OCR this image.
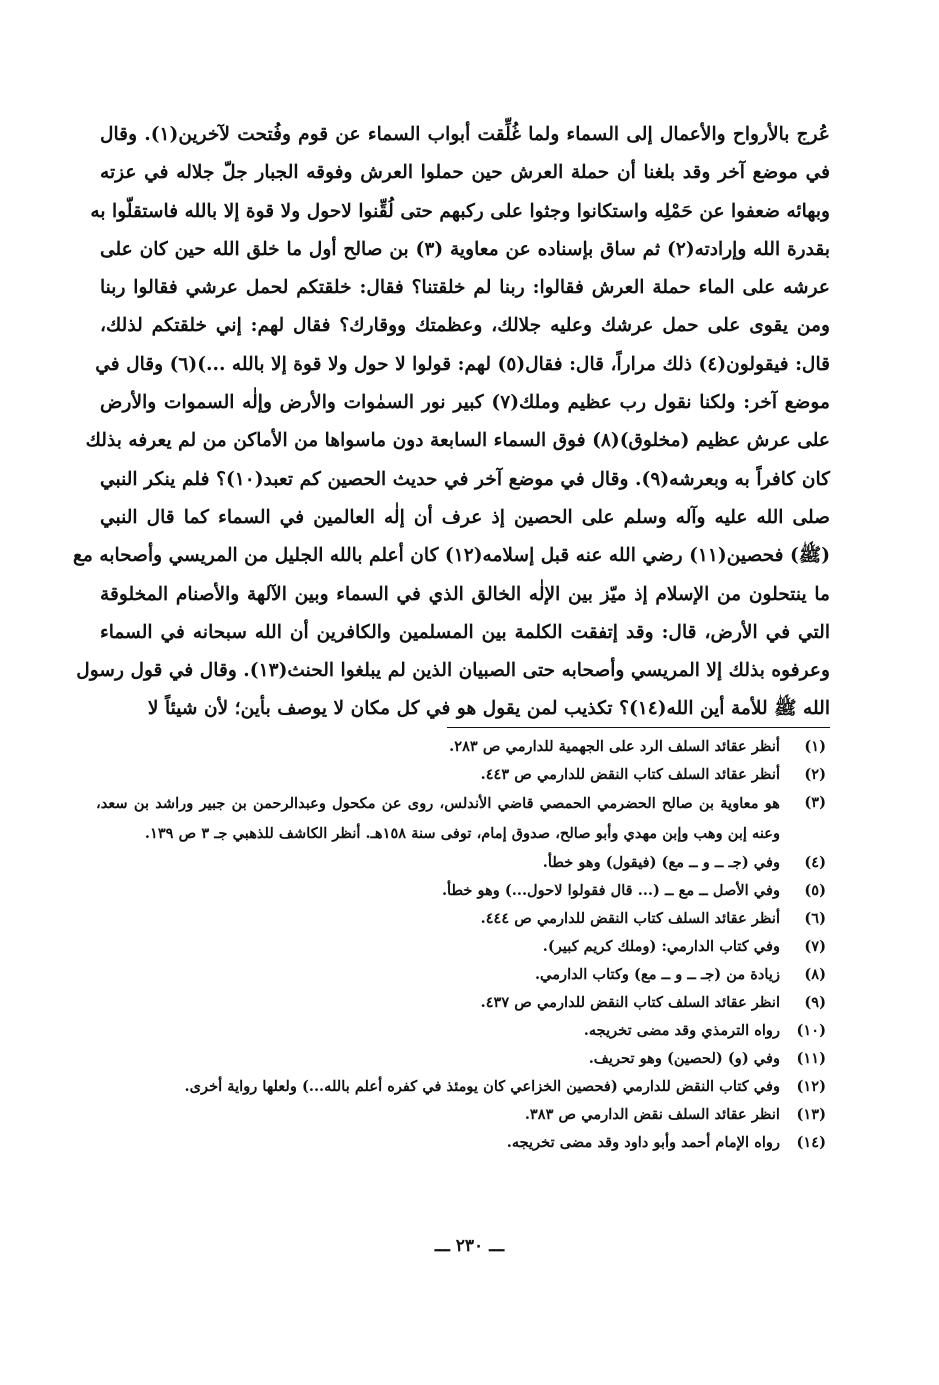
عُرج بالأرواح والأعمال إلى السماء ولما غُلِّقت أبواب السماء عن قوم وفُتحت لآخرين(١). وقال
في موضع آخر وقد بلغنا أن حملة العرش حين حملوا العرش وفوقه الجبار جلّ جلاله في عزته
وبهائه ضعفوا عن حَمْلِه واستكانوا وجثوا على ركبهم حتى لُقِّنوا لاحول ولا قوة إلا بالله فاستقلّوا به
بقدرة الله وإرادته(٢) ثم ساق بإسناده عن معاوية (٣) بن صالح أول ما خلق الله حين كان على
عرشه على الماء حملة العرش فقالوا: ربنا لم خلقتنا؟ فقال: خلقتكم لحمل عرشي فقالوا ربنا
ومن يقوى على حمل عرشك وعليه جلالك، وعظمتك ووقارك؟ فقال لهم: إني خلقتكم لذلك،
قال: فيقولون(٤) ذلك مراراً، قال: فقال(٥) لهم: قولوا لا حول ولا قوة إلا بالله ...)(٦) وقال في
موضع آخر: ولكنا نقول رب عظيم وملك(٧) كبير نور السمٰوات والأرض وإلٰه السموات والأرض
على عرش عظيم (مخلوق)(٨) فوق السماء السابعة دون ماسواها من الأماكن من لم يعرفه بذلك
كان كافراً به وبعرشه(٩). وقال في موضع آخر في حديث الحصين كم تعبد(١٠)؟ فلم ينكر النبي
صلى الله عليه وآله وسلم على الحصين إذ عرف أن إلٰه العالمين في السماء كما قال النبي
(ﷺ) فحصين(١١) رضي الله عنه قبل إسلامه(١٢) كان أعلم بالله الجليل من المريسي وأصحابه مع
ما ينتحلون من الإسلام إذ ميّز بين الإلٰه الخالق الذي في السماء وبين الآلهة والأصنام المخلوقة
التي في الأرض، قال: وقد إتفقت الكلمة بين المسلمين والكافرين أن الله سبحانه في السماء
وعرفوه بذلك إلا المريسي وأصحابه حتى الصبيان الذين لم يبلغوا الحنث(١٣). وقال في قول رسول
الله ﷺ للأمة أين الله(١٤)؟ تكذيب لمن يقول هو في كل مكان لا يوصف بأين؛ لأن شيئاً لا
(١)
أنظر عقائد السلف الرد على الجهمية للدارمي ص ٢٨٣.
(٢)
أنظر عقائد السلف كتاب النقض للدارمي ص ٤٤٣.
(٣)
هو معاوية بن صالح الحضرمي الحمصي قاضي الأندلس، روى عن مكحول وعبدالرحمن بن جبير وراشد بن سعد، وعنه إبن وهب وإبن مهدي وأبو صالح، صدوق إمام، توفى سنة ١٥٨هـ. أنظر الكاشف للذهبي جـ ٣ ص ١٣٩.
(٤)
وفي (جـ ــ و ــ مع) (فيقول) وهو خطأ.
(٥)
وفي الأصل ــ مع ــ (... قال فقولوا لاحول...) وهو خطأ.
(٦)
أنظر عقائد السلف كتاب النقض للدارمي ص ٤٤٤.
(٧)
وفي كتاب الدارمي: (وملك كريم كبير).
(٨)
زيادة من (جـ ــ و ــ مع) وكتاب الدارمي.
(٩)
انظر عقائد السلف كتاب النقض للدارمي ص ٤٣٧.
(١٠)
رواه الترمذي وقد مضى تخريجه.
(١١)
وفي (و) (لحصين) وهو تحريف.
(١٢)
وفي كتاب النقض للدارمي (فحصين الخزاعي كان يومئذ في كفره أعلم بالله...) ولعلها رواية أخرى.
(١٣)
انظر عقائد السلف نقض الدارمي ص ٣٨٣.
(١٤)
رواه الإمام أحمد وأبو داود وقد مضى تخريجه.
ـــ ٢٣٠ ـــ
